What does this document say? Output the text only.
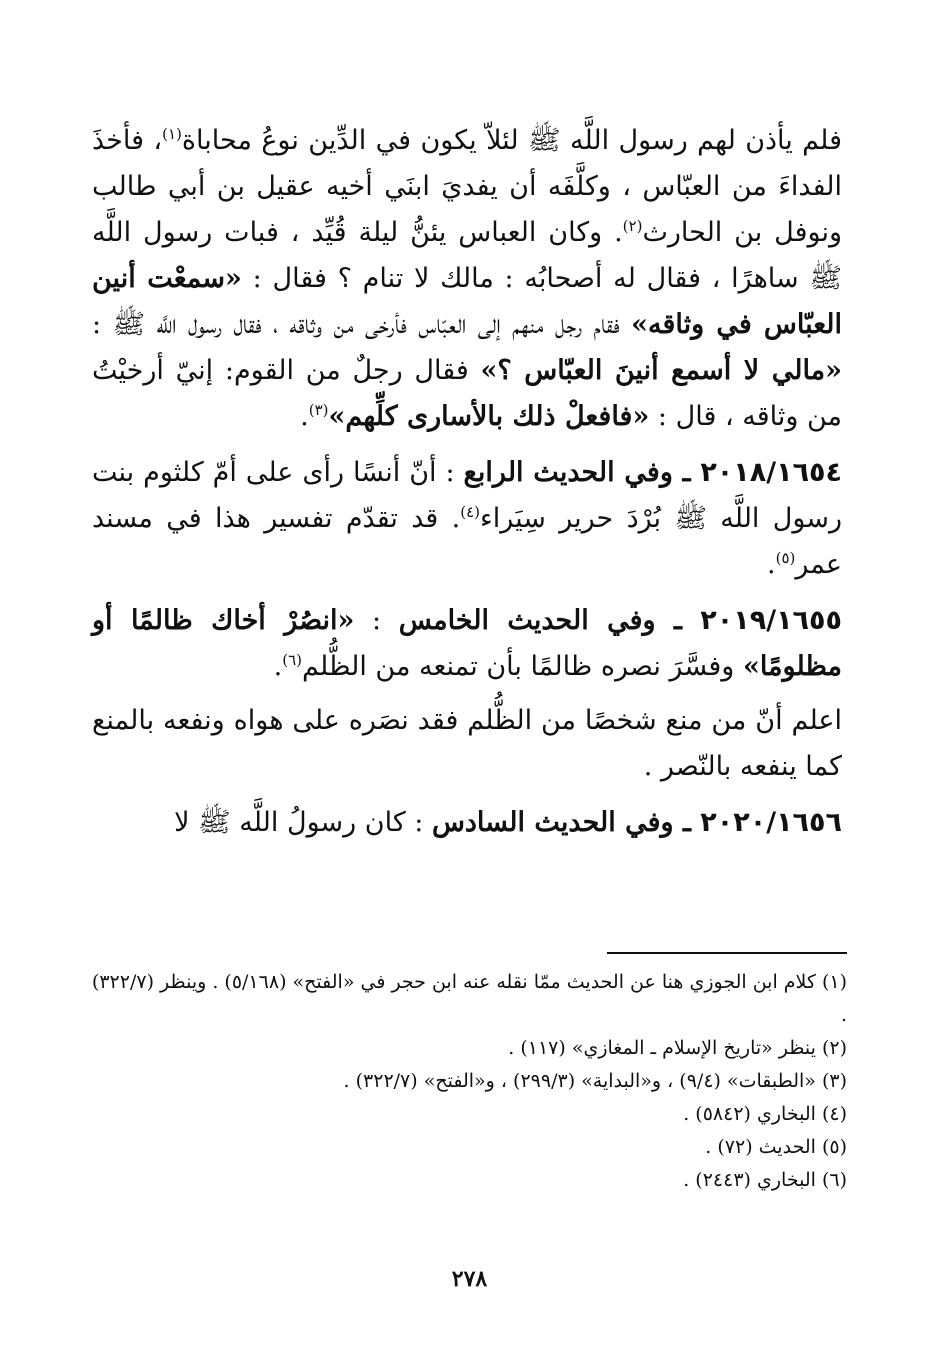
فلم يأذن لهم رسول اللَّه ﷺ لئلاّ يكون في الدِّين نوعُ محاباة$^{(١)}$، فأخذَ الفداءَ من العبّاس ، وكلَّفَه أن يفديَ ابنَي أخيه عقيل بن أبي طالب ونوفل بن الحارث$^{(٢)}$. وكان العباس يئنُّ ليلة قُيِّد ، فبات رسول اللَّه ﷺ ساهرًا ، فقال له أصحابُه : مالك لا تنام ؟ فقال : «سمعْت أنين العبّاس في وثاقه» فقام رجل منهم إلى العبّاس فأرخى من وثاقه ، فقال رسول اللَّه ﷺ : «مالي لا أسمع أنينَ العبّاس ؟» فقال رجلٌ من القوم: إنيّ أرخيْتُ من وثاقه ، قال : «فافعلْ ذلك بالأسارى كلِّهم»$^{(٣)}$.

٢٠١٨/١٦٥٤ ـ وفي الحديث الرابع : أنّ أنسًا رأى على أمّ كلثوم بنت رسول اللَّه ﷺ بُرْدَ حرير سِيَراء$^{(٤)}$. قد تقدّم تفسير هذا في مسند عمر$^{(٥)}$.

٢٠١٩/١٦٥٥ ـ وفي الحديث الخامس : «انصُرْ أخاك ظالمًا أو مظلومًا» وفسَّرَ نصره ظالمًا بأن تمنعه من الظُّلم$^{(٦)}$.

اعلم أنّ من منع شخصًا من الظُّلم فقد نصَره على هواه ونفعه بالمنع كما ينفعه بالنّصر .

٢٠٢٠/١٦٥٦ ـ وفي الحديث السادس : كان رسولُ اللَّه ﷺ لا

(١) كلام ابن الجوزي هنا عن الحديث ممّا نقله عنه ابن حجر في «الفتح» (٥/١٦٨) . وينظر (٣٢٢/٧) .

(٢) ينظر «تاريخ الإسلام ـ المغازي» (١١٧) .

(٣) «الطبقات» (٩/٤) ، و«البداية» (٢٩٩/٣) ، و«الفتح» (٣٢٢/٧) .

(٤) البخاري (٥٨٤٢) .

(٥) الحديث (٧٢) .

(٦) البخاري (٢٤٤٣) .

٢٧٨
